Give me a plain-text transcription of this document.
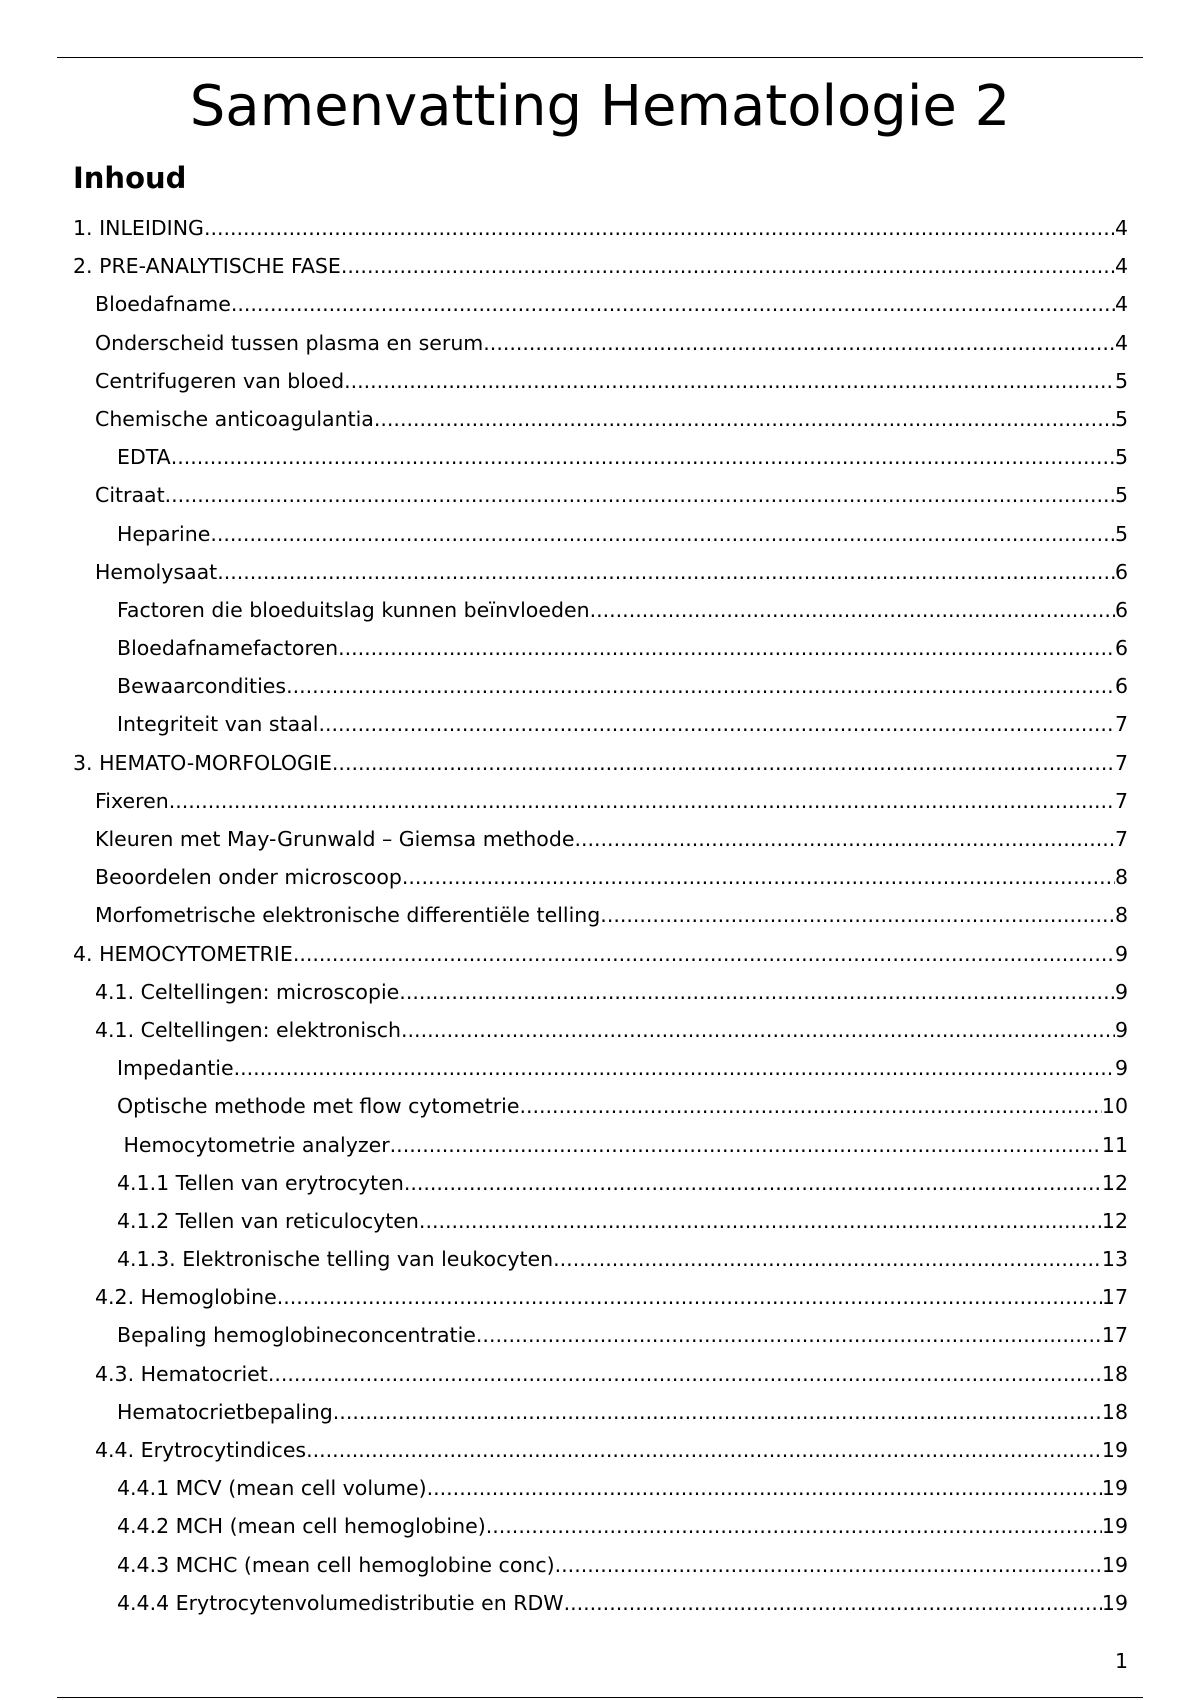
Samenvatting Hematologie 2
Inhoud
1. INLEIDING .....	4
2. PRE-ANALYTISCHE FASE .....	4
Bloedafname .....	4
Onderscheid tussen plasma en serum .....	4
Centrifugeren van bloed .....	5
Chemische anticoagulantia .....	5
EDTA .....	5
Citraat .....	5
Heparine .....	5
Hemolysaat .....	6
Factoren die bloeduitslag kunnen beïnvloeden .....	6
Bloedafnamefactoren .....	6
Bewaarcondities .....	6
Integriteit van staal .....	7
3. HEMATO-MORFOLOGIE .....	7
Fixeren .....	7
Kleuren met May-Grunwald – Giemsa methode .....	7
Beoordelen onder microscoop .....	8
Morfometrische elektronische differentiële telling .....	8
4. HEMOCYTOMETRIE .....	9
4.1. Celtellingen: microscopie .....	9
4.1. Celtellingen: elektronisch .....	9
Impedantie .....	9
Optische methode met flow cytometrie .....	10
Hemocytometrie analyzer .....	11
4.1.1 Tellen van erytrocyten .....	12
4.1.2 Tellen van reticulocyten .....	12
4.1.3. Elektronische telling van leukocyten .....	13
4.2. Hemoglobine .....	17
Bepaling hemoglobineconcentratie .....	17
4.3. Hematocriet .....	18
Hematocrietbepaling .....	18
4.4. Erytrocytindices .....	19
4.4.1 MCV (mean cell volume) .....	19
4.4.2 MCH (mean cell hemoglobine) .....	19
4.4.3 MCHC (mean cell hemoglobine conc) .....	19
4.4.4 Erytrocytenvolumedistributie en RDW .....	19
1
